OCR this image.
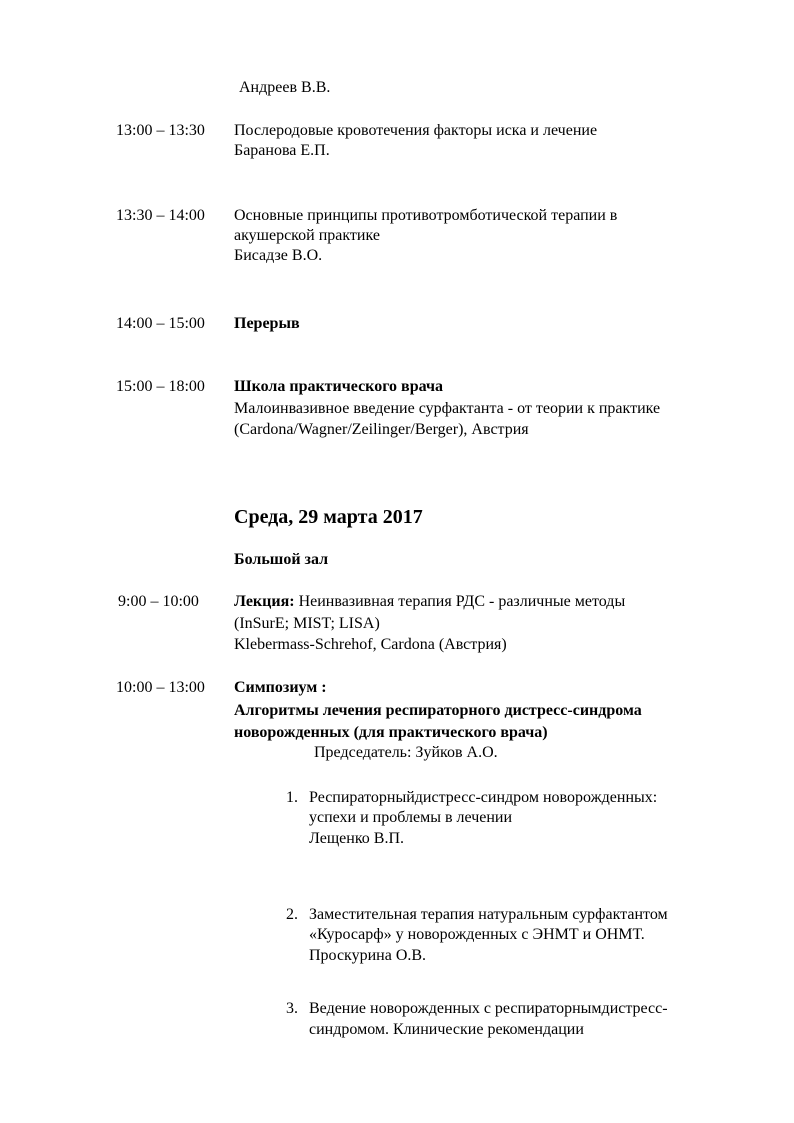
Андреев В.В.
13:00 – 13:30 Послеродовые кровотечения факторы иска и лечение
Баранова Е.П.
13:30 – 14:00 Основные принципы противотромботической терапии в
акушерской практике
Бисадзе В.О.
14:00 – 15:00 Перерыв
15:00 – 18:00 Школа практического врача
Малоинвазивное введение сурфактанта - от теории к практике
(Cardona/Wagner/Zeilinger/Berger), Австрия
Среда, 29 марта 2017
Большой зал
9:00 – 10:00 Лекция: Неинвазивная терапия РДС - различные методы
(InSurE; MIST; LISA)
Klebermass-Schrehof, Cardona (Австрия)
10:00 – 13:00 Симпозиум :
Алгоритмы лечения респираторного дистресс-синдрома
новорожденных (для практического врача)
Председатель: Зуйков А.О.
1. Респираторныйдистресс-синдром новорожденных:
успехи и проблемы в лечении
Лещенко В.П.
2. Заместительная терапия натуральным сурфактантом
«Куросарф» у новорожденных с ЭНМТ и ОНМТ.
Проскурина О.В.
3. Ведение новорожденных с респираторнымдистресс-
синдромом. Клинические рекомендации
